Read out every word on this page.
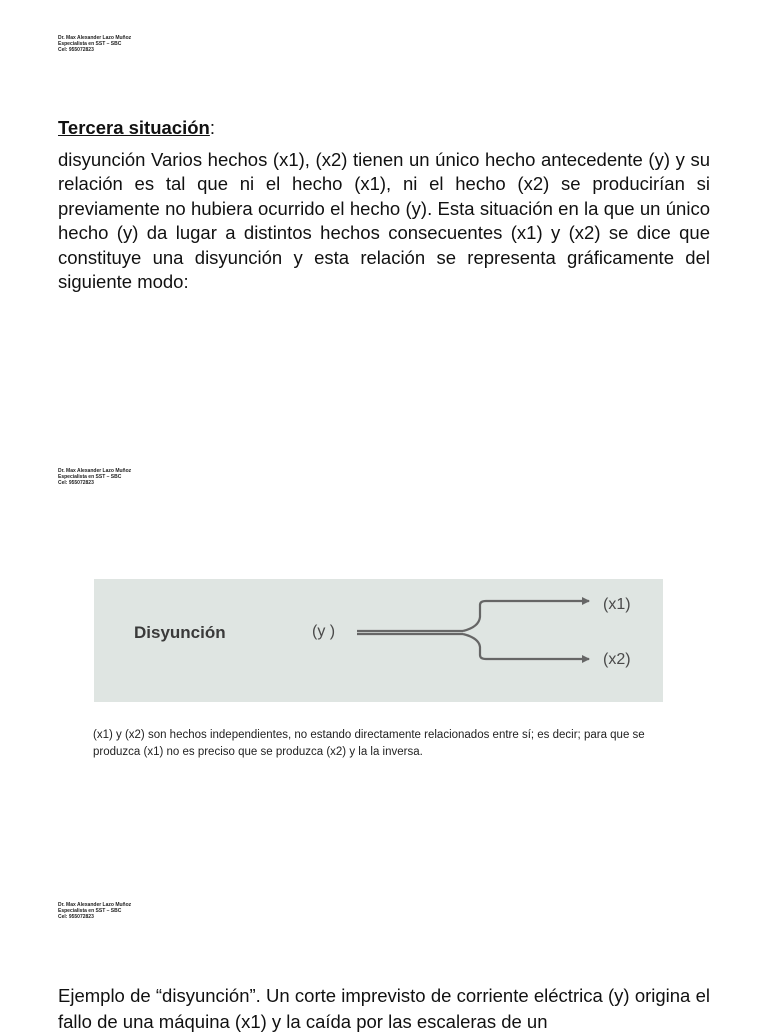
Dr. Max Alexander Lazo Muñoz
Especialista en SST – SBC
Cel: 955072823
Tercera situación:

disyunción Varios hechos (x1), (x2) tienen un único hecho antecedente (y) y su relación es tal que ni el hecho (x1), ni el hecho (x2) se producirían si previamente no hubiera ocurrido el hecho (y). Esta situación en la que un único hecho (y) da lugar a distintos hechos consecuentes (x1) y (x2) se dice que constituye una disyunción y esta relación se representa gráficamente del siguiente modo:

Dr. Max Alexander Lazo Muñoz
Especialista en SST – SBC
Cel: 955072823
Disyunción	(y )
(x1)
(x2)

(x1) y (x2) son hechos independientes, no estando directamente relacionados entre sí; es decir; para que se produzca (x1) no es preciso que se produzca (x2) y la la inversa.

Dr. Max Alexander Lazo Muñoz
Especialista en SST – SBC
Cel: 955072823

Ejemplo de “disyunción”. Un corte imprevisto de corriente eléctrica (y) origina el fallo de una máquina (x1) y la caída por las escaleras de un
